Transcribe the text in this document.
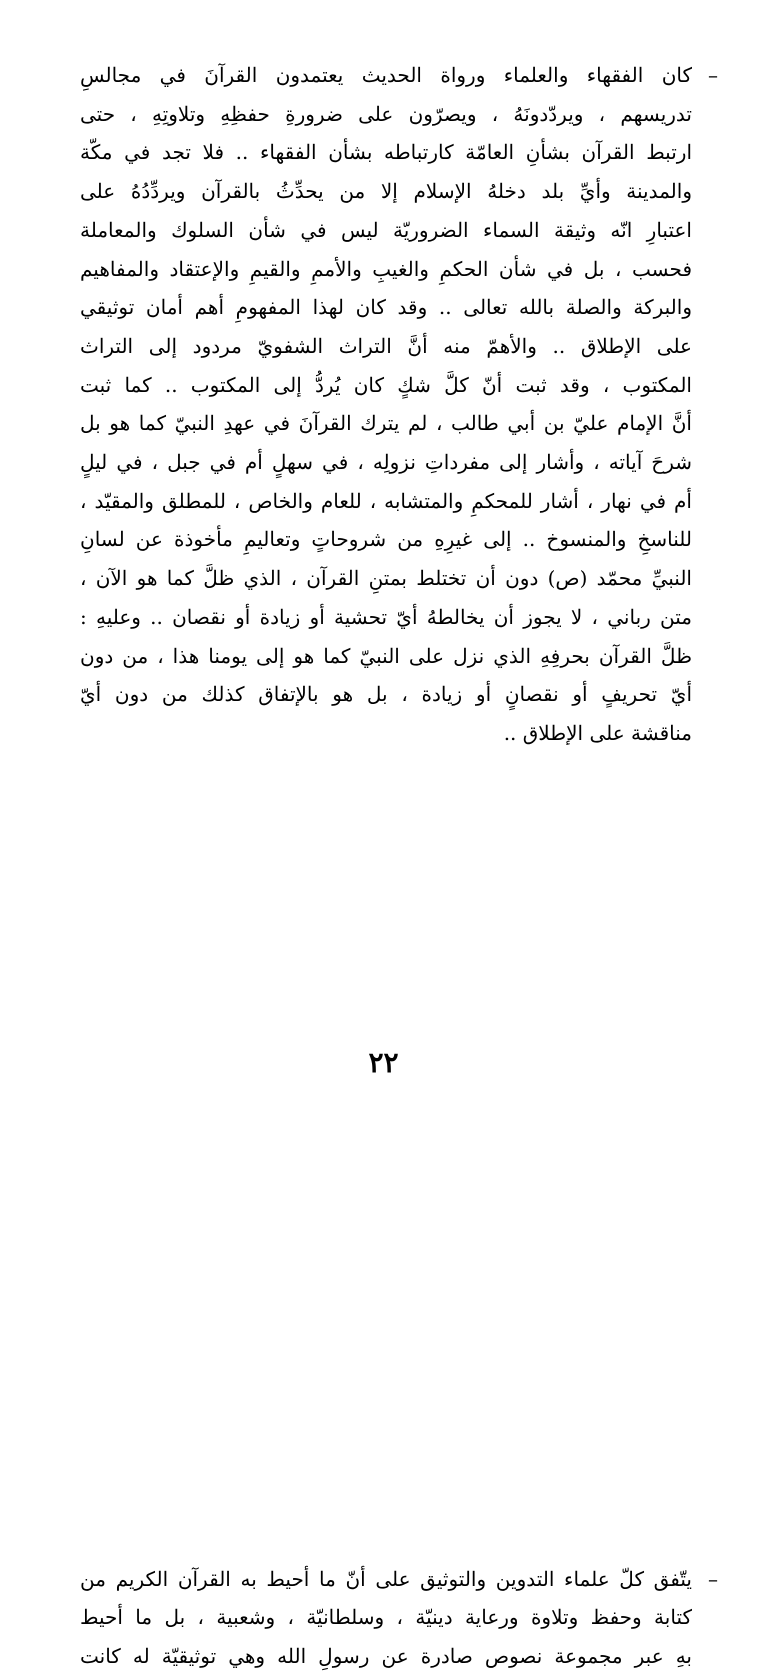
–
كان الفقهاء والعلماء ورواة الحديث يعتمدون القرآنَ في مجالسِ
تدريسهم ، ويردّدونَهُ ، ويصرّون على ضرورةِ حفظِهِ وتلاوتِهِ ، حتى
ارتبط القرآن بشأنِ العامّة كارتباطه بشأن الفقهاء .. فلا تجد في مكّة
والمدينة وأيِّ بلد دخلهُ الإسلام إلا من يحدِّثُ بالقرآن ويردِّدُهُ على
اعتبارِ انّه وثيقة السماء الضروريّة ليس في شأن السلوك والمعاملة
فحسب ، بل في شأن الحكمِ والغيبِ والأممِ والقيمِ والإعتقاد والمفاهيم
والبركة والصلة بالله تعالى .. وقد كان لهذا المفهومِ أهم أمان توثيقي
على الإطلاق .. والأهمّ منه أنَّ التراث الشفويّ مردود إلى التراث
المكتوب ، وقد ثبت أنّ كلَّ شكٍ كان يُردُّ إلى المكتوب .. كما ثبت
أنَّ الإمام عليّ بن أبي طالب ، لم يترك القرآنَ في عهدِ النبيّ كما هو بل
شرحَ آياته ، وأشار إلى مفرداتِ نزولِه ، في سهلٍ أم في جبل ، في ليلٍ
أم في نهار ، أشار للمحكمِ والمتشابه ، للعام والخاص ، للمطلق والمقيّد ،
للناسخِ والمنسوخ .. إلى غيرِهِ من شروحاتٍ وتعاليمِ مأخوذة عن لسانِ
النبيِّ محمّد (ص) دون أن تختلط بمتنِ القرآن ، الذي ظلَّ كما هو الآن ،
متن رباني ، لا يجوز أن يخالطهُ أيّ تحشية أو زيادة أو نقصان .. وعليهِ :
ظلَّ القرآن بحرفِهِ الذي نزل على النبيّ كما هو إلى يومنا هذا ، من دون
أيّ تحريفٍ أو نقصانٍ أو زيادة ، بل هو بالإتفاق كذلك من دون أيّ
مناقشة على الإطلاق ..
–
يتّفق كلّ علماء التدوين والتوثيق على أنّ ما أحيط به القرآن الكريم من
كتابة وحفظ وتلاوة ورعاية دينيّة ، وسلطانيّة ، وشعبية ، بل ما أحيط
بهِ عبر مجموعة نصوص صادرة عن رسولِ الله وهي توثيقيّة له كانت
٢٢
